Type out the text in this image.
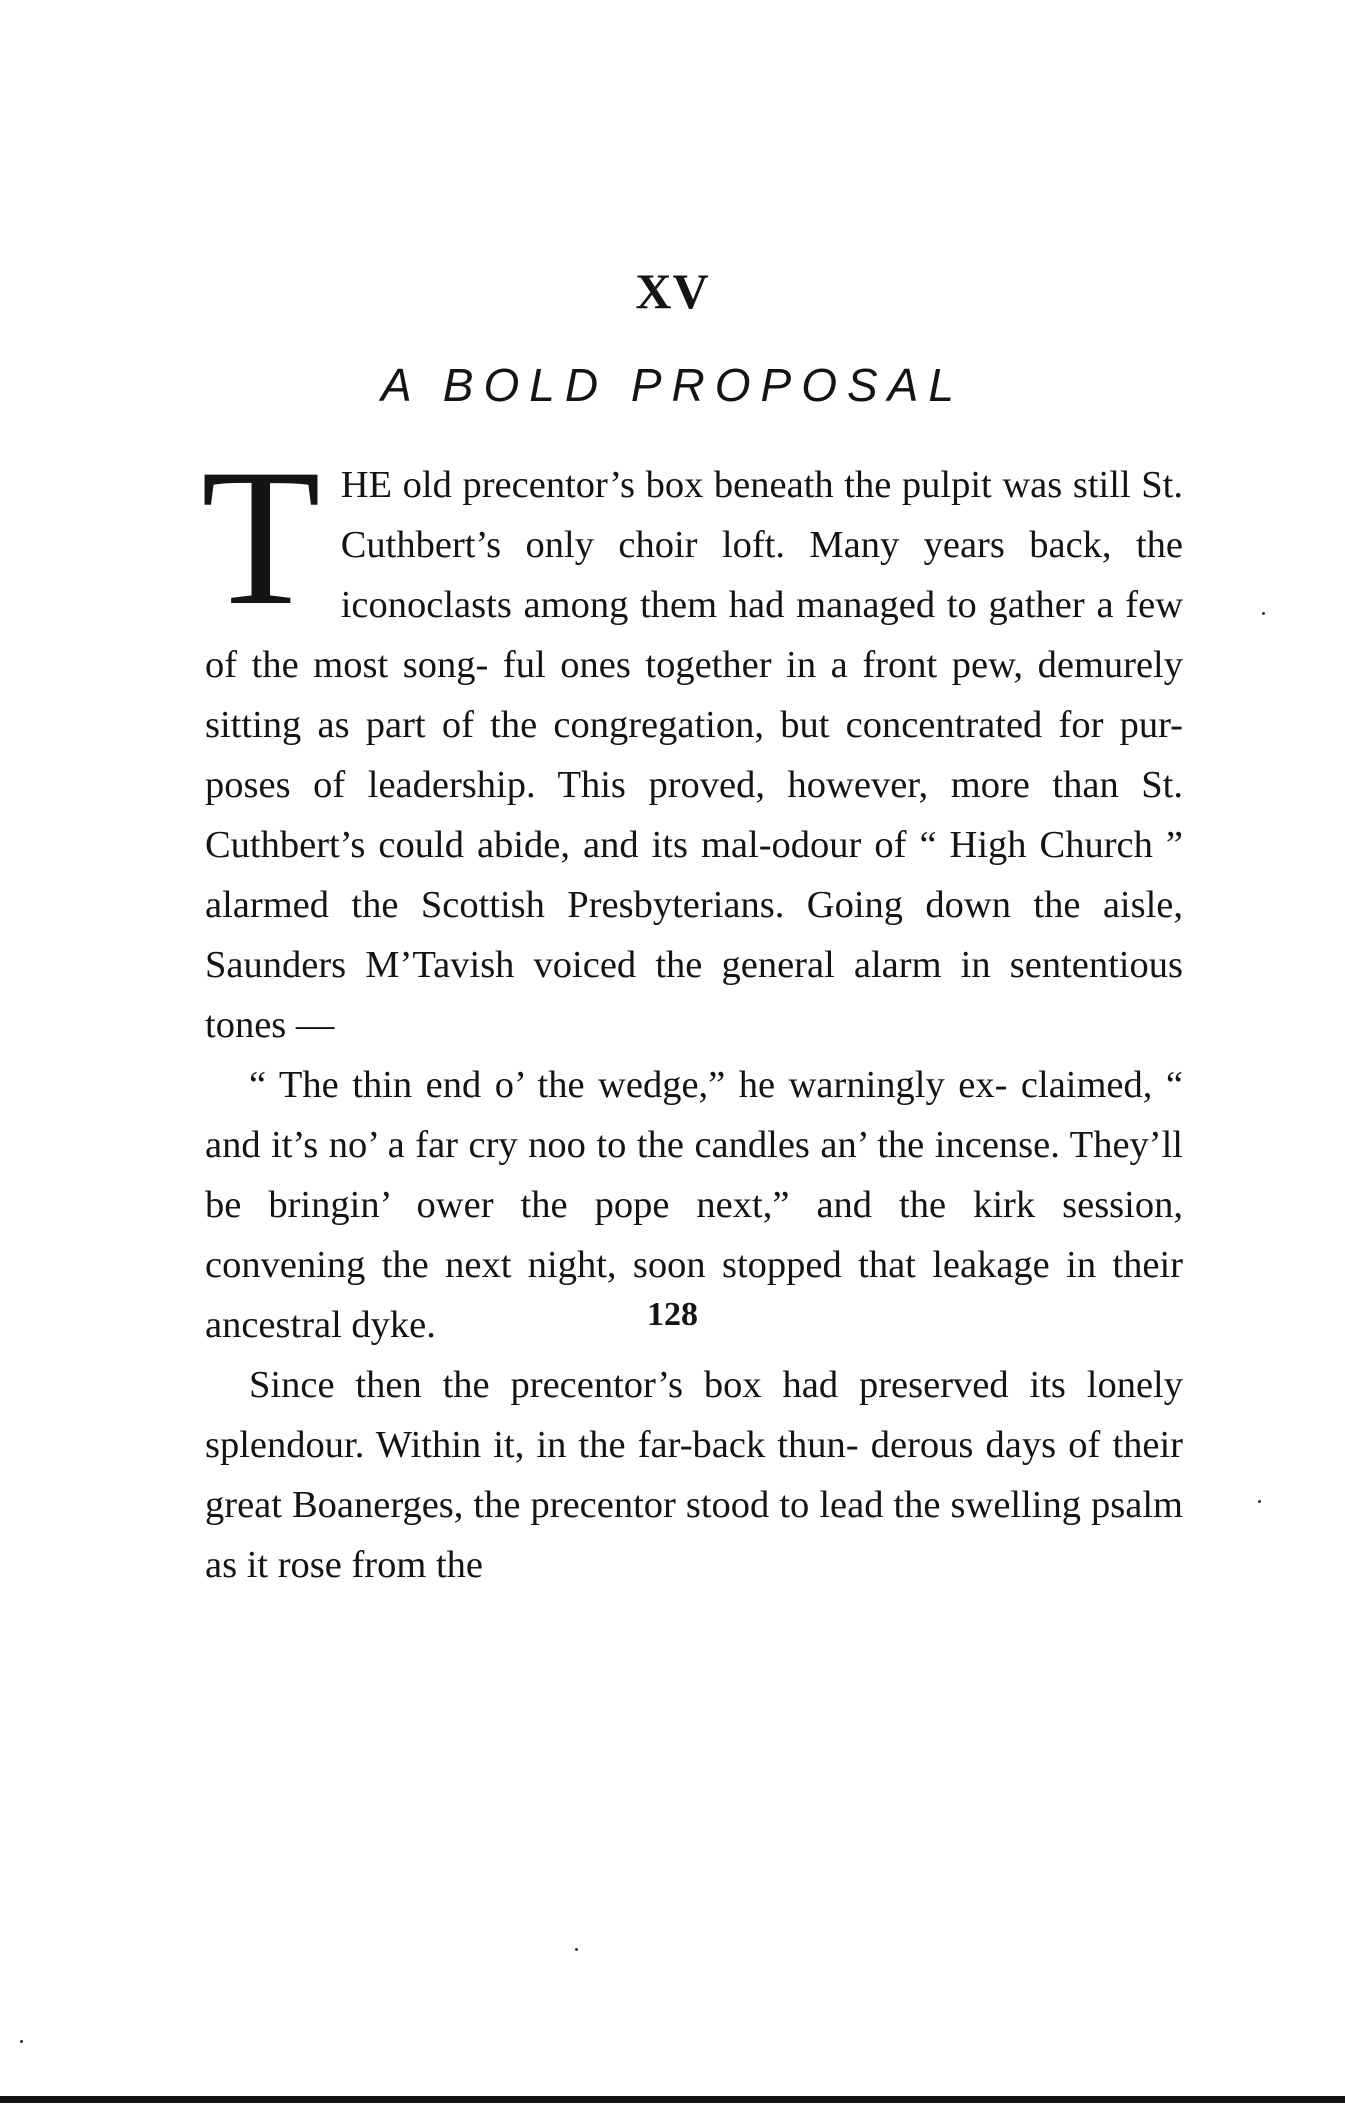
XV
A BOLD PROPOSAL

THE old precentor’s box beneath the pulpit was still St. Cuthbert’s only choir loft. Many years back, the iconoclasts among them had managed to gather a few of the most song- ful ones together in a front pew, demurely sitting as part of the congregation, but concentrated for pur- poses of leadership. This proved, however, more than St. Cuthbert’s could abide, and its mal-odour of “ High Church ” alarmed the Scottish Presbyterians. Going down the aisle, Saunders M’Tavish voiced the general alarm in sententious tones —

“ The thin end o’ the wedge,” he warningly ex- claimed, “ and it’s no’ a far cry noo to the candles an’ the incense. They’ll be bringin’ ower the pope next,” and the kirk session, convening the next night, soon stopped that leakage in their ancestral dyke.

Since then the precentor’s box had preserved its lonely splendour. Within it, in the far-back thun- derous days of their great Boanerges, the precentor stood to lead the swelling psalm as it rose from the

128
